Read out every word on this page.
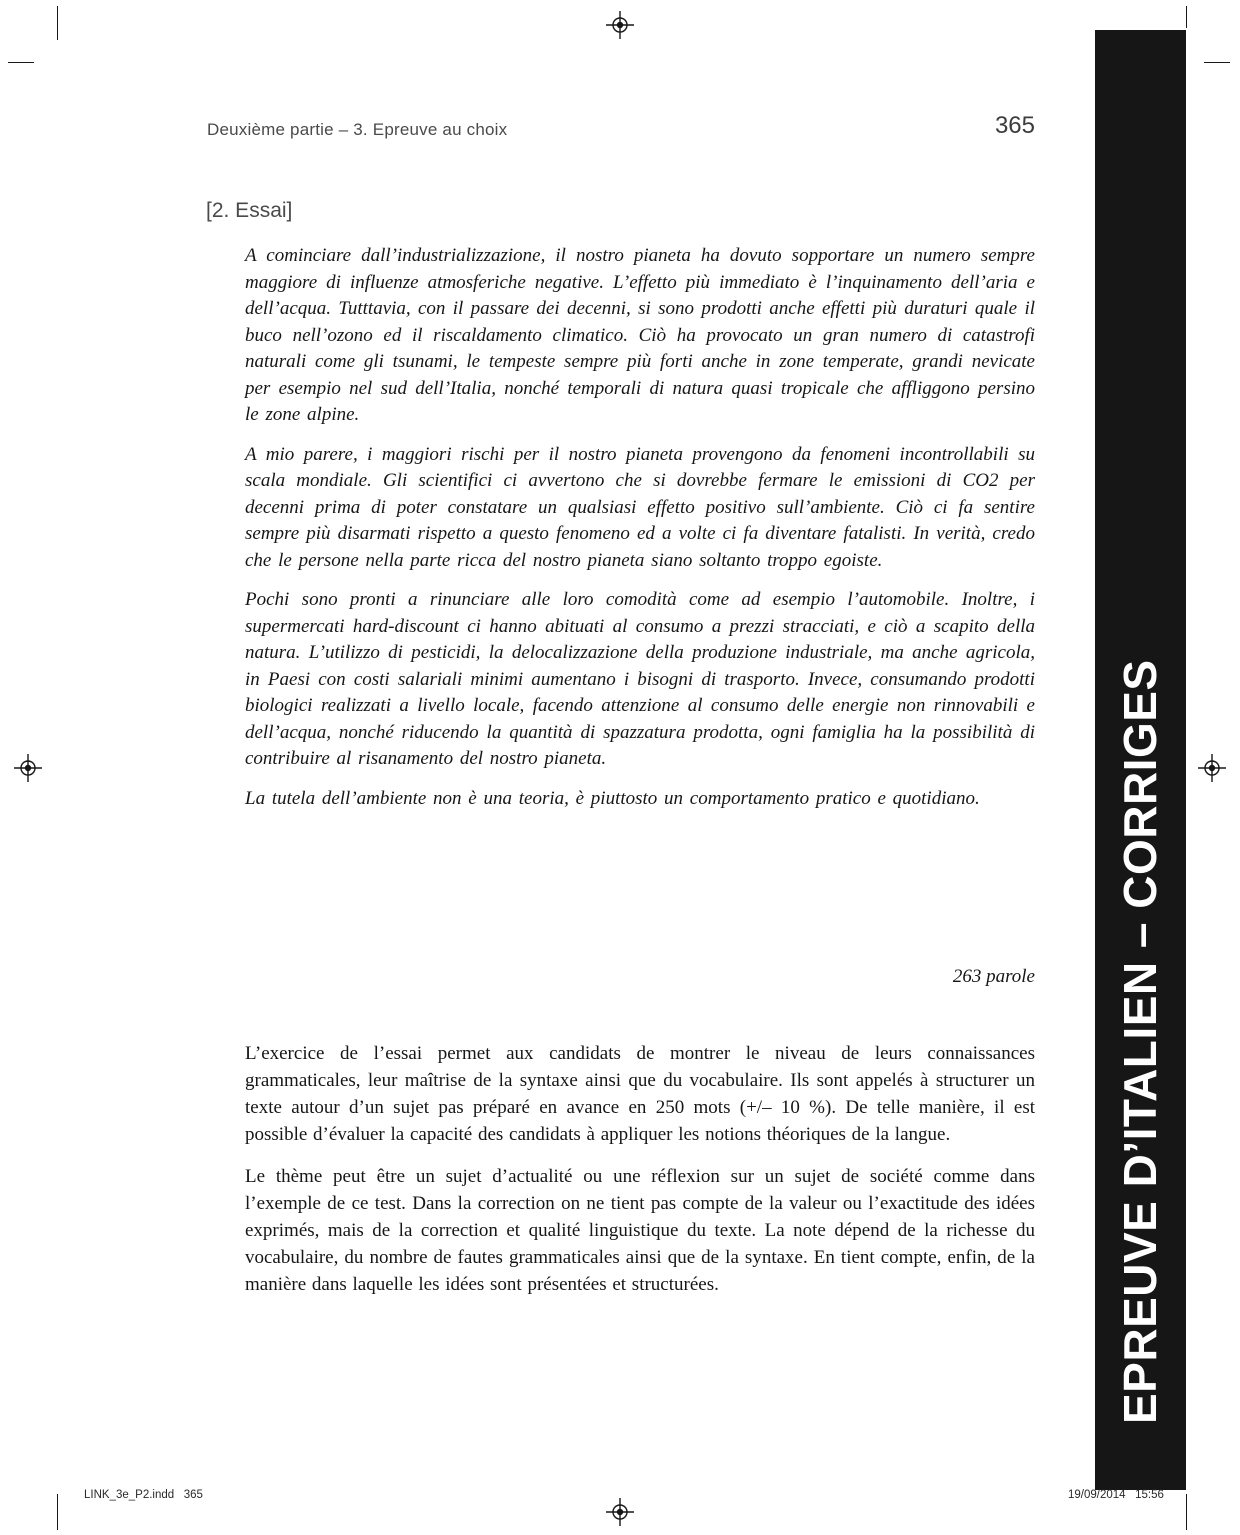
Deuxième partie – 3. Epreuve au choix	365
[2. Essai]

A cominciare dall’industrializzazione, il nostro pianeta ha dovuto sopportare un numero sempre maggiore di influenze atmosferiche negative. L’effetto più immediato è l’inquinamento dell’aria e dell’acqua. Tutttavia, con il passare dei decenni, si sono prodotti anche effetti più duraturi quale il buco nell’ozono ed il riscaldamento climatico. Ciò ha provocato un gran numero di catastrofi naturali come gli tsunami, le tempeste sempre più forti anche in zone temperate, grandi nevicate per esempio nel sud dell’Italia, nonché temporali di natura quasi tropicale che affliggono persino le zone alpine.

A mio parere, i maggiori rischi per il nostro pianeta provengono da fenomeni incontrollabili su scala mondiale. Gli scientifici ci avvertono che si dovrebbe fermare le emissioni di CO2 per decenni prima di poter constatare un qualsiasi effetto positivo sull’ambiente. Ciò ci fa sentire sempre più disarmati rispetto a questo fenomeno ed a volte ci fa diventare fatalisti. In verità, credo che le persone nella parte ricca del nostro pianeta siano soltanto troppo egoiste.

Pochi sono pronti a rinunciare alle loro comodità come ad esempio l’automobile. Inoltre, i supermercati hard-discount ci hanno abituati al consumo a prezzi stracciati, e ciò a scapito della natura. L’utilizzo di pesticidi, la delocalizzazione della produzione industriale, ma anche agricola, in Paesi con costi salariali minimi aumentano i bisogni di trasporto. Invece, consumando prodotti biologici realizzati a livello locale, facendo attenzione al consumo delle energie non rinnovabili e dell’acqua, nonché riducendo la quantità di spazzatura prodotta, ogni famiglia ha la possibilità di contribuire al risanamento del nostro pianeta.

La tutela dell’ambiente non è una teoria, è piuttosto un comportamento pratico e quotidiano.

263 parole

L’exercice de l’essai permet aux candidats de montrer le niveau de leurs connaissances grammaticales, leur maîtrise de la syntaxe ainsi que du vocabulaire. Ils sont appelés à structurer un texte autour d’un sujet pas préparé en avance en 250 mots (+/– 10 %). De telle manière, il est possible d’évaluer la capacité des candidats à appliquer les notions théoriques de la langue.

Le thème peut être un sujet d’actualité ou une réflexion sur un sujet de société comme dans l’exemple de ce test. Dans la correction on ne tient pas compte de la valeur ou l’exactitude des idées exprimés, mais de la correction et qualité linguistique du texte. La note dépend de la richesse du vocabulaire, du nombre de fautes grammaticales ainsi que de la syntaxe. En tient compte, enfin, de la manière dans laquelle les idées sont présentées et structurées.	EPREUVE D’ITALIEN – CORRIGES
LINK_3e_P2.indd   365	19/09/2014   15:56
